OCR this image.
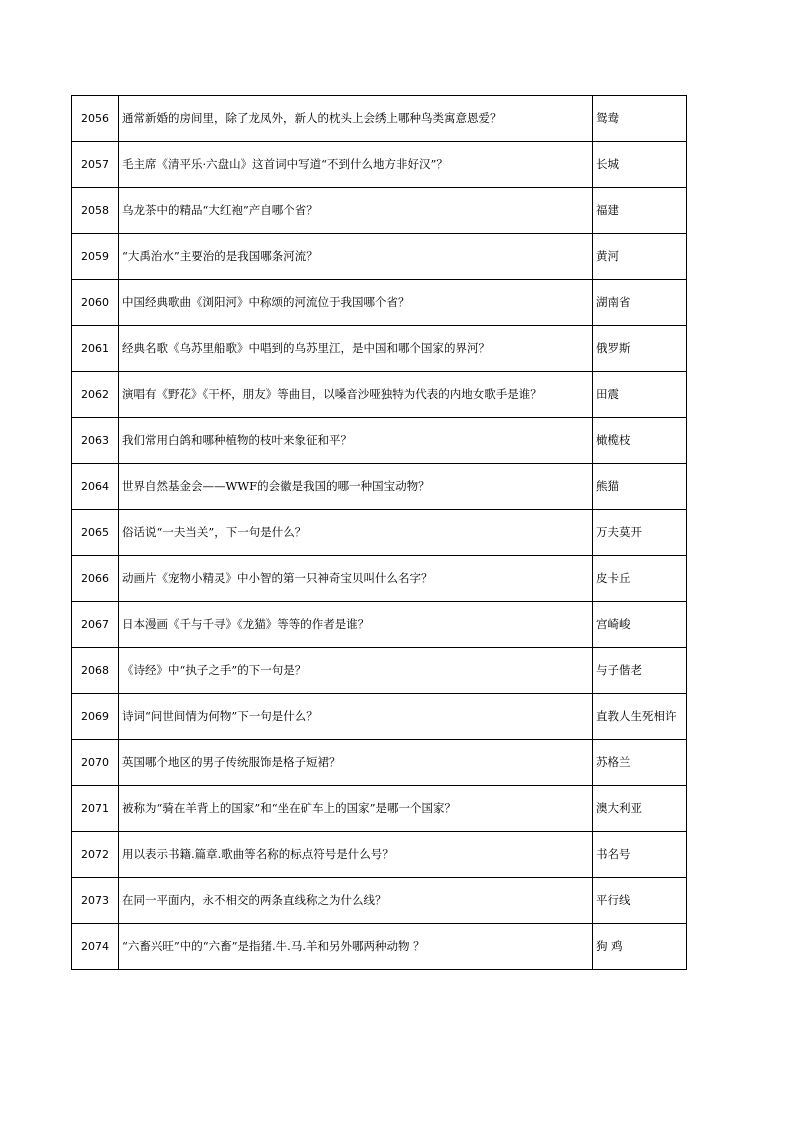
2056	通常新婚的房间里，除了龙凤外，新人的枕头上会绣上哪种鸟类寓意恩爱？	鸳鸯
2057	毛主席《清平乐·六盘山》这首词中写道“不到什么地方非好汉”？	长城
2058	乌龙茶中的精品“大红袍”产自哪个省？	福建
2059	“大禹治水”主要治的是我国哪条河流？	黄河
2060	中国经典歌曲《浏阳河》中称颂的河流位于我国哪个省？	湖南省
2061	经典名歌《乌苏里船歌》中唱到的乌苏里江，是中国和哪个国家的界河？	俄罗斯
2062	演唱有《野花》《干杯，朋友》等曲目，以嗓音沙哑独特为代表的内地女歌手是谁？	田震
2063	我们常用白鸽和哪种植物的枝叶来象征和平？	橄榄枝
2064	世界自然基金会——WWF的会徽是我国的哪一种国宝动物？	熊猫
2065	俗话说“一夫当关”，下一句是什么？	万夫莫开
2066	动画片《宠物小精灵》中小智的第一只神奇宝贝叫什么名字？	皮卡丘
2067	日本漫画《千与千寻》《龙猫》等等的作者是谁？	宫崎峻
2068	《诗经》中“执子之手”的下一句是？	与子偕老
2069	诗词“问世间情为何物”下一句是什么？	直教人生死相许
2070	英国哪个地区的男子传统服饰是格子短裙？	苏格兰
2071	被称为“骑在羊背上的国家”和“坐在矿车上的国家”是哪一个国家？	澳大利亚
2072	用以表示书籍.篇章.歌曲等名称的标点符号是什么号？	书名号
2073	在同一平面内，永不相交的两条直线称之为什么线？	平行线
2074	“六畜兴旺”中的“六畜”是指猪.牛.马.羊和另外哪两种动物 ？	狗 鸡
